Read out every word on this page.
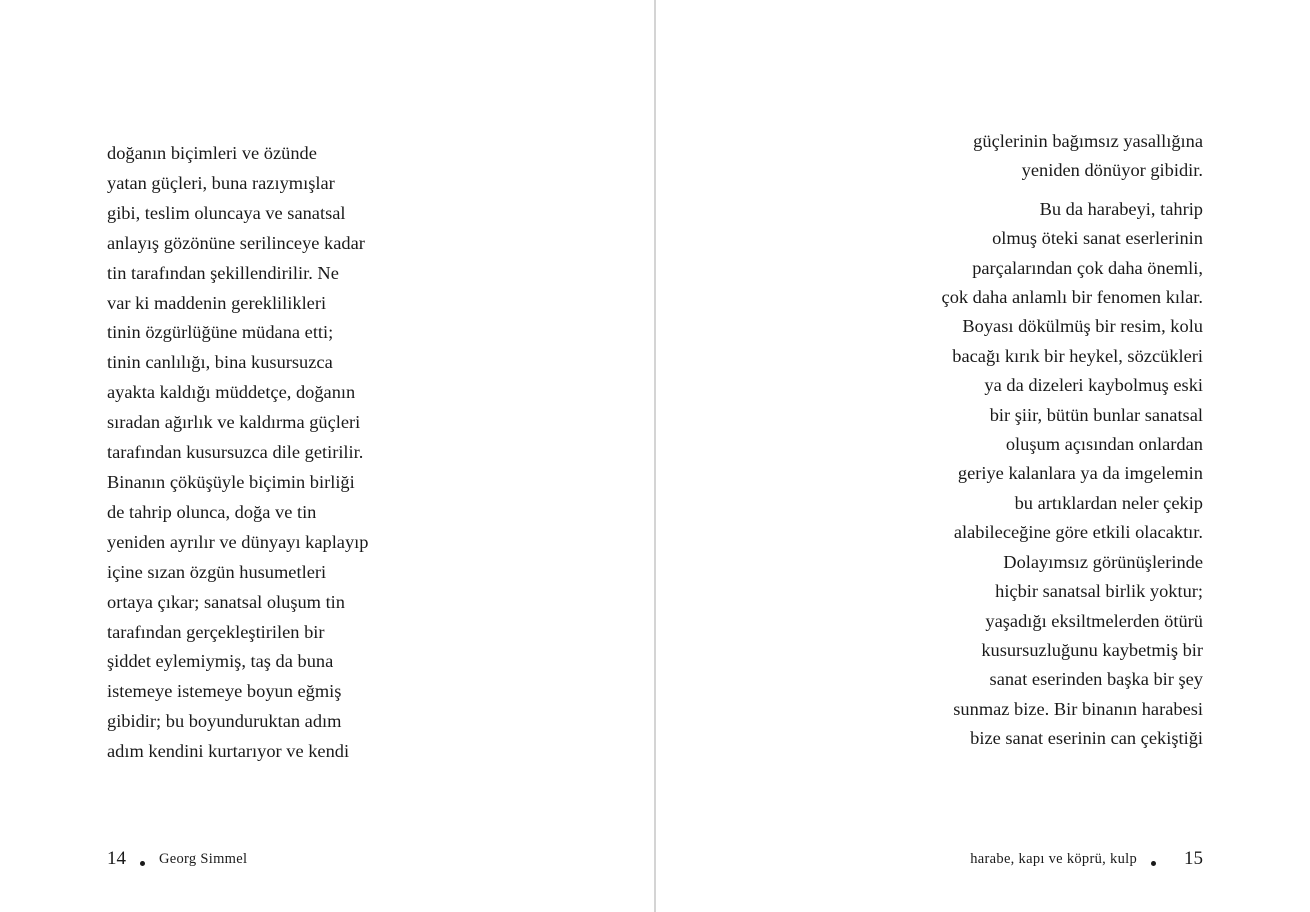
doğanın biçimleri ve özünde
yatan güçleri, buna razıymışlar
gibi, teslim oluncaya ve sanatsal
anlayış gözönüne serilinceye kadar
tin tarafından şekillendirilir. Ne
var ki maddenin gereklilikleri
tinin özgürlüğüne müdana etti;
tinin canlılığı, bina kusursuzca
ayakta kaldığı müddetçe, doğanın
sıradan ağırlık ve kaldırma güçleri
tarafından kusursuzca dile getirilir.
Binanın çöküşüyle biçimin birliği
de tahrip olunca, doğa ve tin
yeniden ayrılır ve dünyayı kaplayıp
içine sızan özgün husumetleri
ortaya çıkar; sanatsal oluşum tin
tarafından gerçekleştirilen bir
şiddet eylemiymiş, taş da buna
istemeye istemeye boyun eğmiş
gibidir; bu boyunduruktan adım
adım kendini kurtarıyor ve kendi
14 Georg Simmel
güçlerinin bağımsız yasallığına
yeniden dönüyor gibidir.
Bu da harabeyi, tahrip
olmuş öteki sanat eserlerinin
parçalarından çok daha önemli,
çok daha anlamlı bir fenomen kılar.
Boyası dökülmüş bir resim, kolu
bacağı kırık bir heykel, sözcükleri
ya da dizeleri kaybolmuş eski
bir şiir, bütün bunlar sanatsal
oluşum açısından onlardan
geriye kalanlara ya da imgelemin
bu artıklardan neler çekip
alabileceğine göre etkili olacaktır.
Dolayımsız görünüşlerinde
hiçbir sanatsal birlik yoktur;
yaşadığı eksiltmelerden ötürü
kusursuzluğunu kaybetmiş bir
sanat eserinden başka bir şey
sunmaz bize. Bir binanın harabesi
bize sanat eserinin can çekiştiği
harabe, kapı ve köprü, kulp 15
